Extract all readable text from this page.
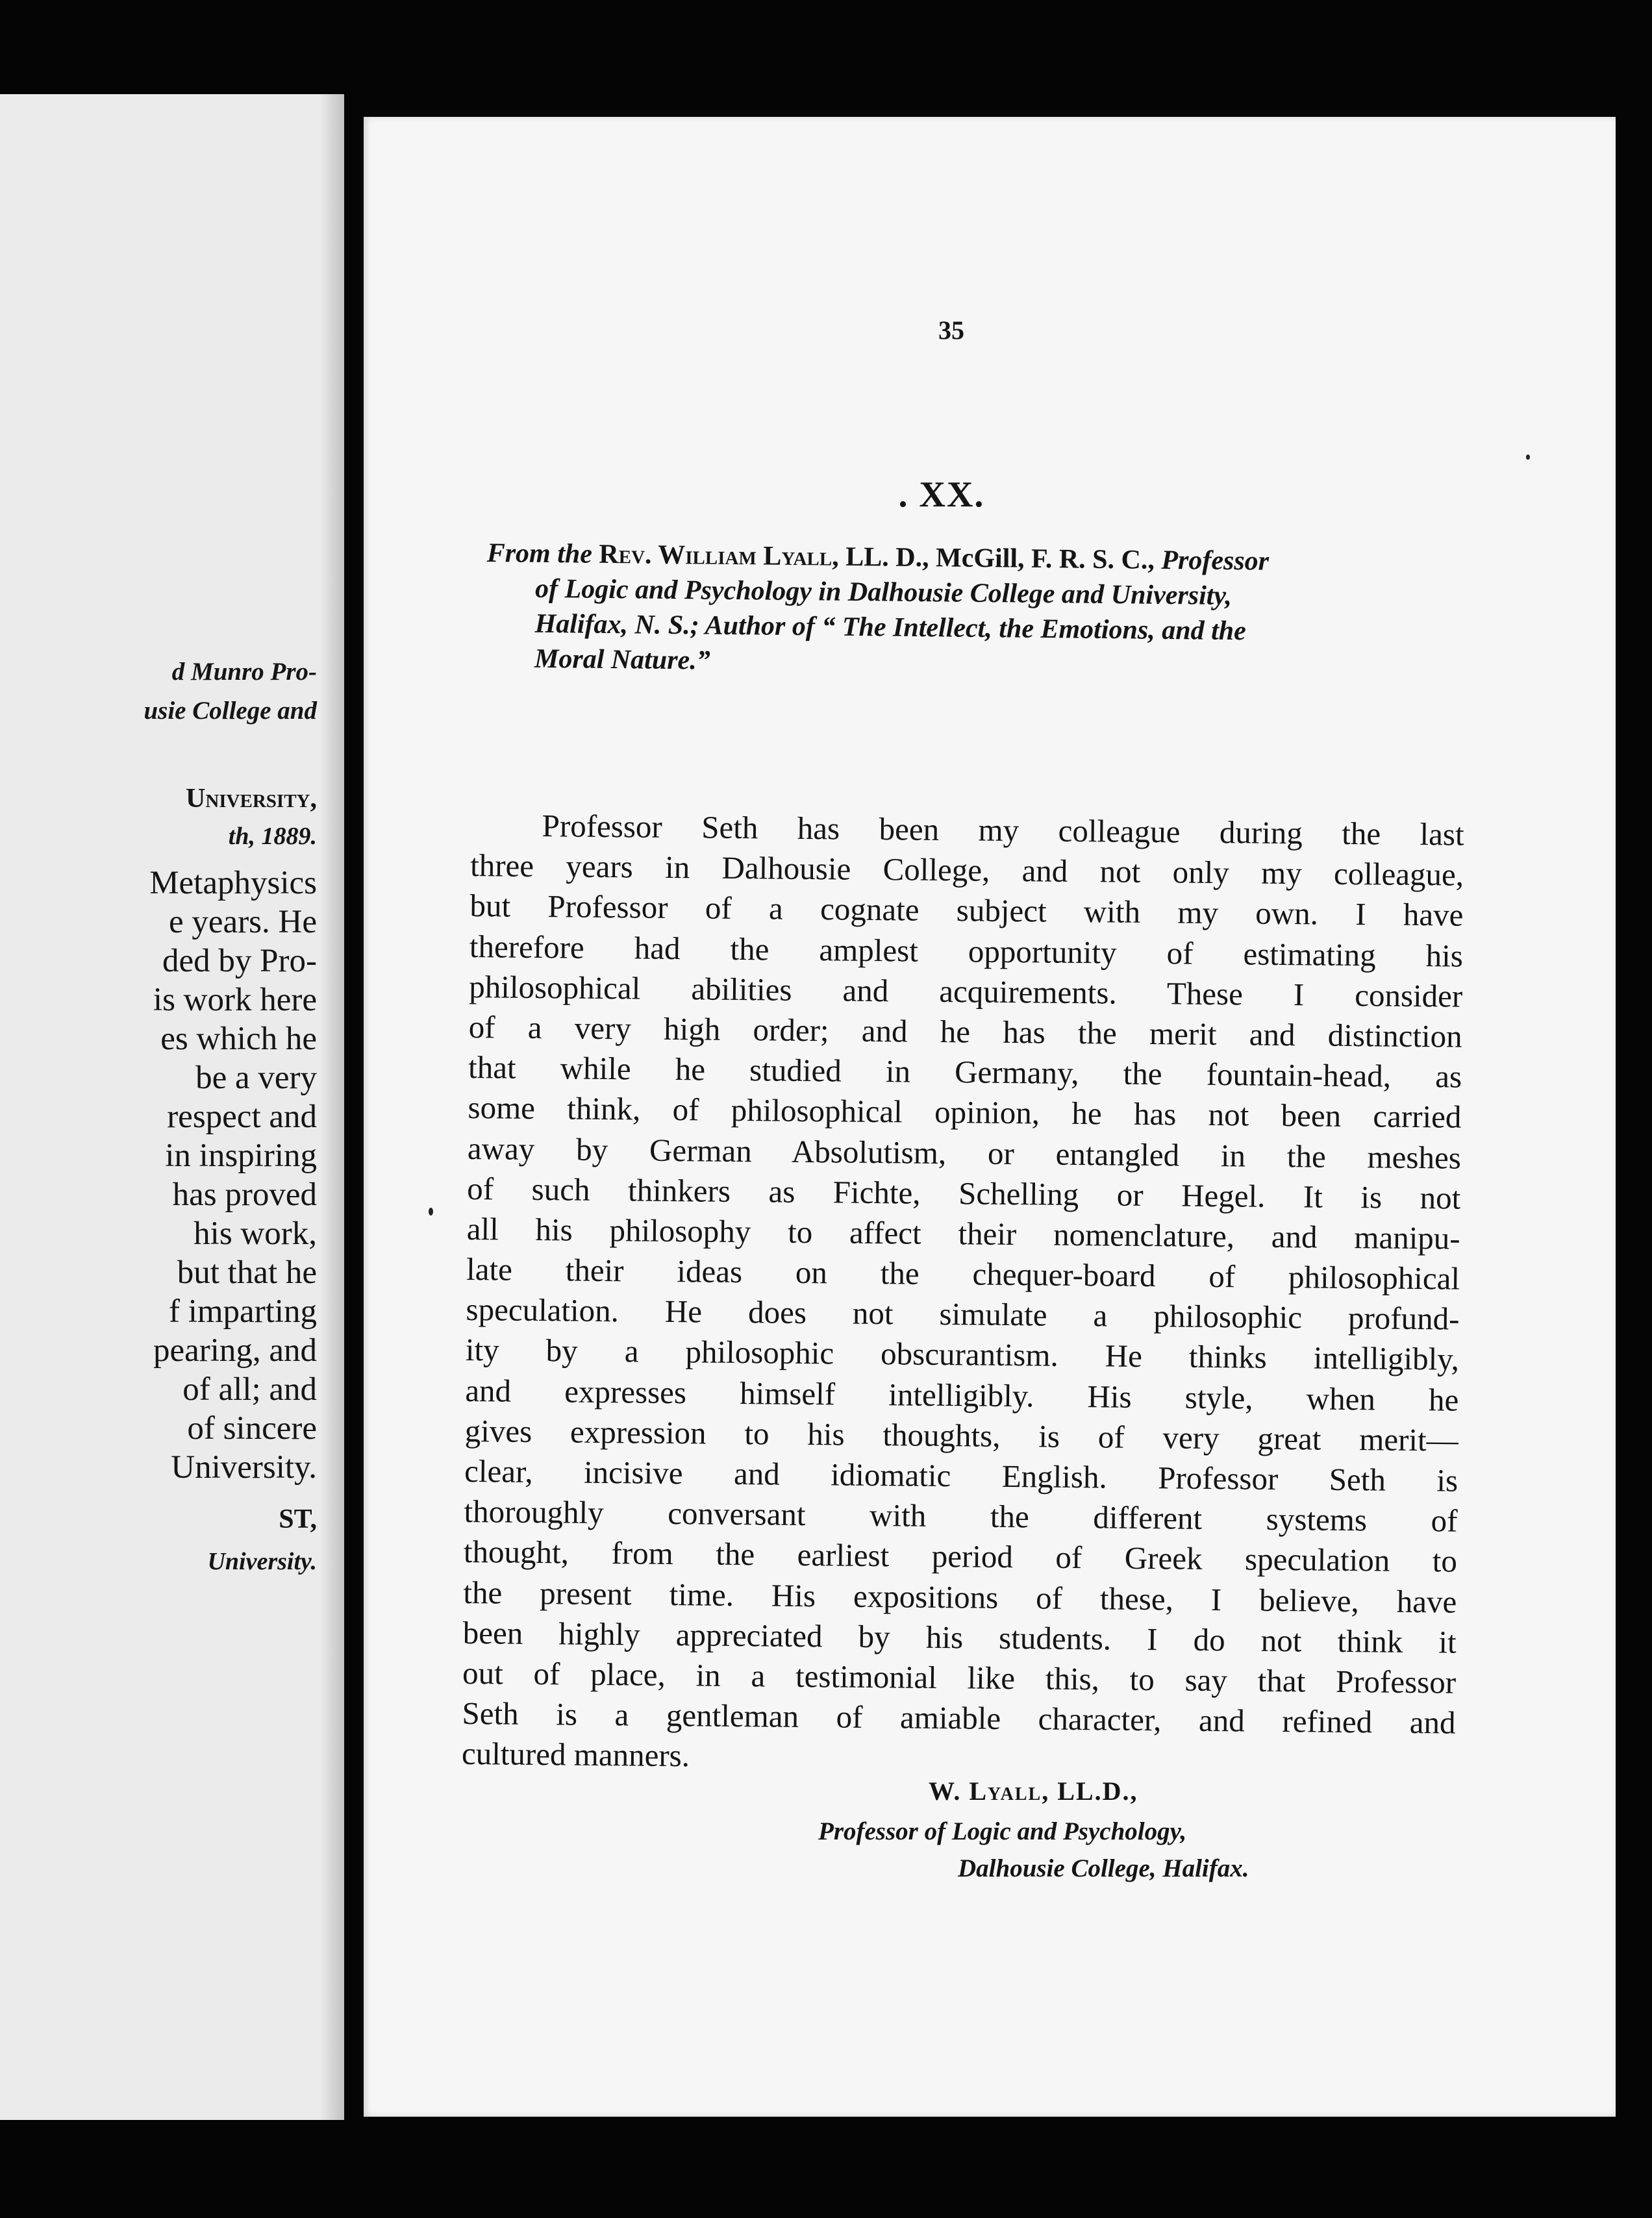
d Munro Pro-
usie College and
University,
th, 1889.
Metaphysics
e years. He
ded by Pro-
is work here
es which he
be a very
respect and
in inspiring
has proved
his work,
but that he
f imparting
pearing, and
of all; and
of sincere
University.
ST,
University.
35
. XX.
From the Rev. William Lyall, LL. D., McGill, F. R. S. C., Professor
of Logic and Psychology in Dalhousie College and University,
Halifax, N. S.; Author of “ The Intellect, the Emotions, and the
Moral Nature.”
Professor Seth has been my colleague during the last
three years in Dalhousie College, and not only my colleague,
but Professor of a cognate subject with my own. I have
therefore had the amplest opportunity of estimating his
philosophical abilities and acquirements. These I consider
of a very high order; and he has the merit and distinction
that while he studied in Germany, the fountain-head, as
some think, of philosophical opinion, he has not been carried
away by German Absolutism, or entangled in the meshes
of such thinkers as Fichte, Schelling or Hegel. It is not
all his philosophy to affect their nomenclature, and manipu-
late their ideas on the chequer-board of philosophical
speculation. He does not simulate a philosophic profund-
ity by a philosophic obscurantism. He thinks intelligibly,
and expresses himself intelligibly. His style, when he
gives expression to his thoughts, is of very great merit—
clear, incisive and idiomatic English. Professor Seth is
thoroughly conversant with the different systems of
thought, from the earliest period of Greek speculation to
the present time. His expositions of these, I believe, have
been highly appreciated by his students. I do not think it
out of place, in a testimonial like this, to say that Professor
Seth is a gentleman of amiable character, and refined and
cultured manners.
W. Lyall, LL.D.,
Professor of Logic and Psychology,
Dalhousie College, Halifax.
